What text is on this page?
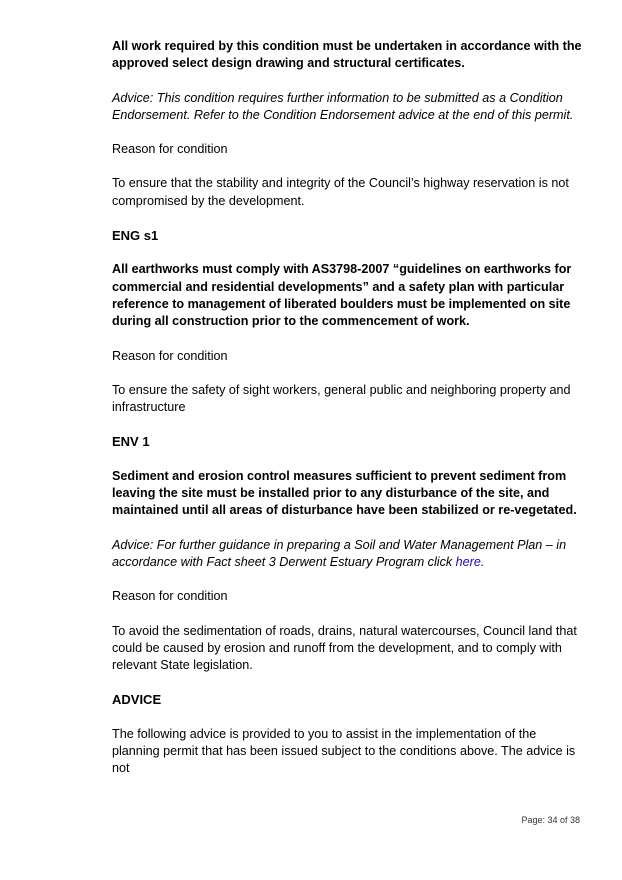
All work required by this condition must be undertaken in accordance with the approved select design drawing and structural certificates.

Advice: This condition requires further information to be submitted as a Condition Endorsement. Refer to the Condition Endorsement advice at the end of this permit.

Reason for condition

To ensure that the stability and integrity of the Council’s highway reservation is not compromised by the development.

ENG s1

All earthworks must comply with AS3798-2007 “guidelines on earthworks for commercial and residential developments” and a safety plan with particular reference to management of liberated boulders must be implemented on site during all construction prior to the commencement of work.

Reason for condition

To ensure the safety of sight workers, general public and neighboring property and infrastructure

ENV 1

Sediment and erosion control measures sufficient to prevent sediment from leaving the site must be installed prior to any disturbance of the site, and maintained until all areas of disturbance have been stabilized or re-vegetated.

Advice: For further guidance in preparing a Soil and Water Management Plan – in accordance with Fact sheet 3 Derwent Estuary Program click here.

Reason for condition

To avoid the sedimentation of roads, drains, natural watercourses, Council land that could be caused by erosion and runoff from the development, and to comply with relevant State legislation.

ADVICE

The following advice is provided to you to assist in the implementation of the planning permit that has been issued subject to the conditions above. The advice is not

Page: 34 of 38
